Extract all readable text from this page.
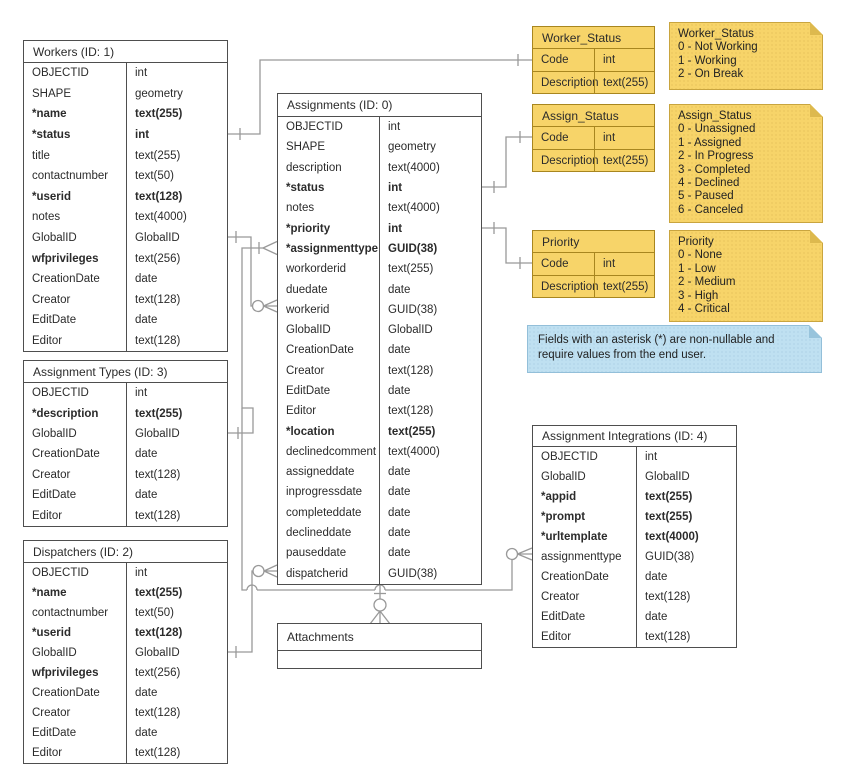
Workers (ID: 1)
OBJECTID	int
SHAPE	geometry
*name	text(255)
*status	int
title	text(255)
contactnumber	text(50)
*userid	text(128)
notes	text(4000)
GlobalID	GlobalID
wfprivileges	text(256)
CreationDate	date
Creator	text(128)
EditDate	date
Editor	text(128)
Assignment Types (ID: 3)
OBJECTID	int
*description	text(255)
GlobalID	GlobalID
CreationDate	date
Creator	text(128)
EditDate	date
Editor	text(128)
Dispatchers (ID: 2)
OBJECTID	int
*name	text(255)
contactnumber	text(50)
*userid	text(128)
GlobalID	GlobalID
wfprivileges	text(256)
CreationDate	date
Creator	text(128)
EditDate	date
Editor	text(128)
Assignments (ID: 0)
OBJECTID	int
SHAPE	geometry
description	text(4000)
*status	int
notes	text(4000)
*priority	int
*assignmenttype GUID(38)
workorderid	text(255)
duedate	date
workerid	GUID(38)
GlobalID	GlobalID
CreationDate	date
Creator	text(128)
EditDate	date
Editor	text(128)
*location	text(255)
declinedcomment	text(4000)
assigneddate	date
inprogressdate	date
completeddate	date
declineddate	date
pauseddate	date
dispatcherid	GUID(38)
Attachments
Assignment Integrations (ID: 4)
OBJECTID	int
GlobalID	GlobalID
*appid	text(255)
*prompt	text(255)
*urltemplate	text(4000)
assignmenttype	GUID(38)
CreationDate	date
Creator	text(128)
EditDate	date
Editor	text(128)
Worker_Status
Code	int
Description text(255)
Assign_Status
Code	int
Description text(255)
Priority
Code	int
Description text(255)
Worker_Status
0 - Not Working
1 - Working
2 - On Break
Assign_Status
0 - Unassigned
1 - Assigned
2 - In Progress
3 - Completed
4 - Declined
5 - Paused
6 - Canceled
Priority
0 - None
1 - Low
2 - Medium
3 - High
4 - Critical
Fields with an asterisk (*) are non-nullable and require values from the end user.
